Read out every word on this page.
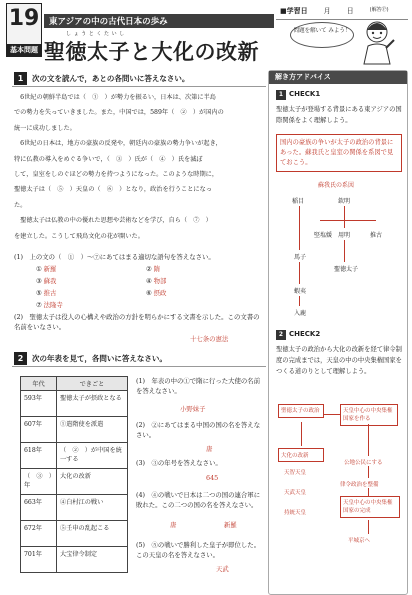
19
基本問題
東アジアの中の古代日本の歩み
しょうとくたいし
聖徳太子と大化の改新
■学習日 月 日	(解答Ⓟ)
問題を解いて みよう！
1	次の文を読んで，あとの各問いに答えなさい。
　6世紀の朝鮮半島では（　①　）が勢力を振るい，日本は、次第に半島
での勢力を失っていきました。また，中国では，589年（　②　）が国内の
統一に成功しました。
　6世紀の日本は，地方の豪族の反発や，朝廷内の豪族の勢力争いが起き，
特に仏教の導入をめぐる争いで，（　③　）氏が（　④　）氏を滅ぼ
して，皇室をしのぐほどの勢力を持つようになった。このような時期に，
聖徳太子は（　⑤　）天皇の（　⑥　）となり，政治を行うことになっ
た。
　聖徳太子は仏教の中の優れた思想や芸術などを学び，自ら（　⑦　）
を建立した。こうして飛鳥文化の花が開いた。
(1)　上の文の（　①　）～⑦にあてはまる適切な語句を答えなさい。
① 新羅	② 隋
③ 蘇我	④ 物部
⑤ 推古	⑥ 摂政
⑦ 法隆寺
(2)　聖徳太子は役人の心構えや政治の方針を明らかにする文書を示した。この文書の名前をいなさい。
十七条の憲法
2	次の年表を見て，各問いに答えなさい。
年代	できごと
593年	聖徳太子が摂政となる
607年	①遣隋使を派遣
618年	（　②　）が中国を統一する
（　③　）年	大化の改新
663年	④白村江の戦い
672年	⑤壬申の乱起こる
701年	大宝律令制定
(1)　年表の中の①で隋に行った大使の名前を答えなさい。
小野妹子
(2)　②にあてはまる中国の国の名を答えなさい。
唐
(3)　③の年号を答えなさい。
645
(4)　④の戦いで日本は二つの国の連合軍に敗れた。この二つの国の名を答えなさい。
唐	新羅
(5)　⑤の戦いで勝利した皇子が即位した。この天皇の名を答えなさい。
天武
解き方アドバイス
1 CHECK1
聖徳太子が登場する背景にある東アジアの国際関係をよく理解しよう。
国内の豪族の争いが太子の政治の背景にあった。蘇我氏と皇室の関係を系図で見ておこう。
蘇我氏の系図
稲目	欽明
馬子
堅塩媛 用明	推古
聖徳太子
蝦夷
入鹿
2 CHECK2
聖徳太子の政治から大化の改新を経て律令制度の完成までは，天皇の中の中央集権国家をつくる道のりとして理解しよう。
聖徳太子の政治	天皇中心の中央集権国家を作る
大化の改新
公地公民にする
天智天皇
天武天皇
律令政治を整備
持統天皇
天皇中心の中央集権国家の完成
平城京へ
